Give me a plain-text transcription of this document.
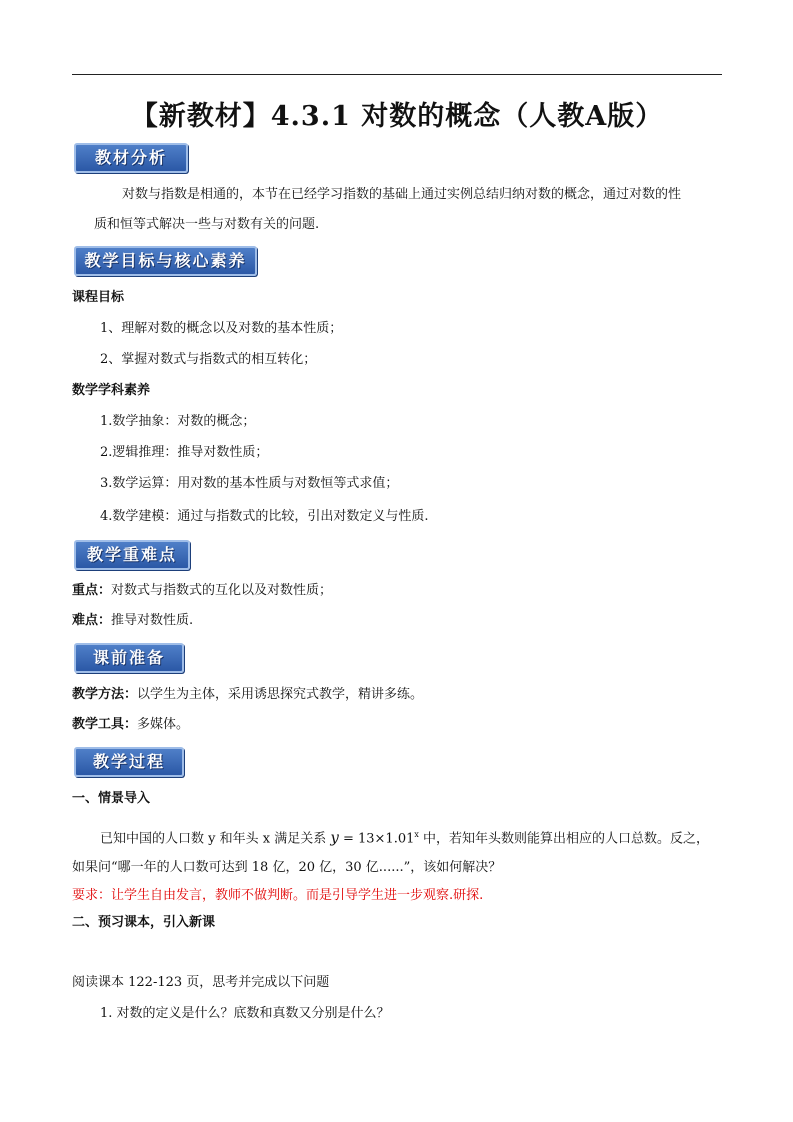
【新教材】4.3.1 对数的概念（人教A版）
教材分析
对数与指数是相通的，本节在已经学习指数的基础上通过实例总结归纳对数的概念，通过对数的性
质和恒等式解决一些与对数有关的问题.
教学目标与核心素养
课程目标
1、理解对数的概念以及对数的基本性质；
2、掌握对数式与指数式的相互转化；
数学学科素养
1.数学抽象：对数的概念；
2.逻辑推理：推导对数性质；
3.数学运算：用对数的基本性质与对数恒等式求值；
4.数学建模：通过与指数式的比较，引出对数定义与性质.
教学重难点
重点：对数式与指数式的互化以及对数性质；
难点：推导对数性质.
课前准备
教学方法：以学生为主体，采用诱思探究式教学，精讲多练。
教学工具：多媒体。
教学过程
一、情景导入
已知中国的人口数 y 和年头 x 满足关系 $y = 13\times 1.01^x$ 中，若知年头数则能算出相应的人口总数。反之，
如果问“哪一年的人口数可达到 18 亿，20 亿，30 亿......”，该如何解决？
要求：让学生自由发言，教师不做判断。而是引导学生进一步观察.研探.
二、预习课本，引入新课
阅读课本 122-123 页，思考并完成以下问题
1. 对数的定义是什么？底数和真数又分别是什么？
